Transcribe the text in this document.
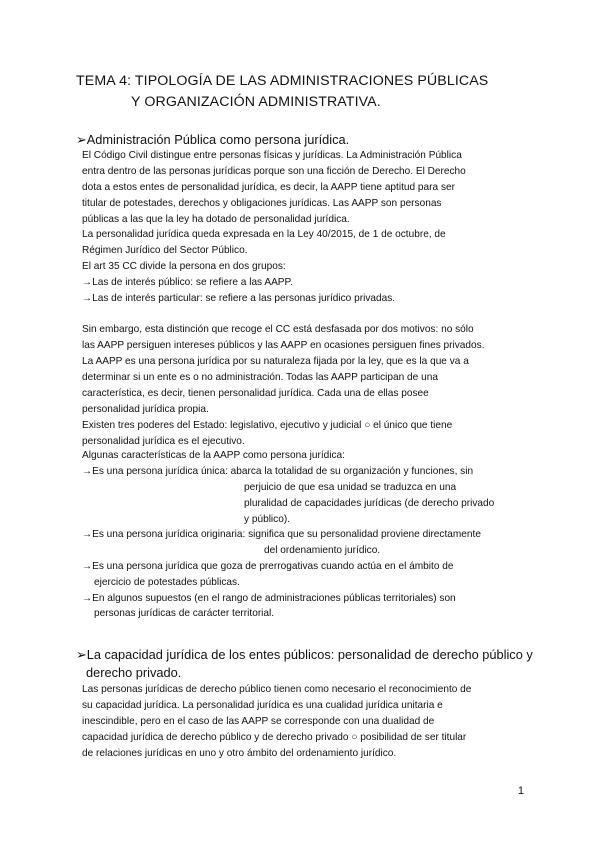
TEMA 4: TIPOLOGÍA DE LAS ADMINISTRACIONES PÚBLICAS
Y ORGANIZACIÓN ADMINISTRATIVA.
➢Administración Pública como persona jurídica.
El Código Civil distingue entre personas físicas y jurídicas. La Administración Pública
entra dentro de las personas jurídicas porque son una ficción de Derecho. El Derecho
dota a estos entes de personalidad jurídica, es decir, la AAPP tiene aptitud para ser
titular de potestades, derechos y obligaciones jurídicas. Las AAPP son personas
públicas a las que la ley ha dotado de personalidad jurídica.
La personalidad jurídica queda expresada en la Ley 40/2015, de 1 de octubre, de
Régimen Jurídico del Sector Público.
El art 35 CC divide la persona en dos grupos:
→Las de interés público: se refiere a las AAPP.
→Las de interés particular: se refiere a las personas jurídico privadas.
Sin embargo, esta distinción que recoge el CC está desfasada por dos motivos: no sólo
las AAPP persiguen intereses públicos y las AAPP en ocasiones persiguen fines privados.
La AAPP es una persona jurídica por su naturaleza fijada por la ley, que es la que va a
determinar si un ente es o no administración. Todas las AAPP participan de una
característica, es decir, tienen personalidad jurídica. Cada una de ellas posee
personalidad jurídica propia.
Existen tres poderes del Estado: legislativo, ejecutivo y judicial ○ el único que tiene
personalidad jurídica es el ejecutivo.
Algunas características de la AAPP como persona jurídica:
→Es una persona jurídica única: abarca la totalidad de su organización y funciones, sin
perjuicio de que esa unidad se traduzca en una
pluralidad de capacidades jurídicas (de derecho privado
y público).
→Es una persona jurídica originaria: significa que su personalidad proviene directamente
del ordenamiento jurídico.
→Es una persona jurídica que goza de prerrogativas cuando actúa en el ámbito de
ejercicio de potestades públicas.
→En algunos supuestos (en el rango de administraciones públicas territoriales) son
personas jurídicas de carácter territorial.
➢La capacidad jurídica de los entes públicos: personalidad de derecho público y
derecho privado.
Las personas jurídicas de derecho público tienen como necesario el reconocimiento de
su capacidad jurídica. La personalidad jurídica es una cualidad jurídica unitaria e
inescindible, pero en el caso de las AAPP se corresponde con una dualidad de
capacidad jurídica de derecho público y de derecho privado ○ posibilidad de ser titular
de relaciones jurídicas en uno y otro ámbito del ordenamiento jurídico.
1
